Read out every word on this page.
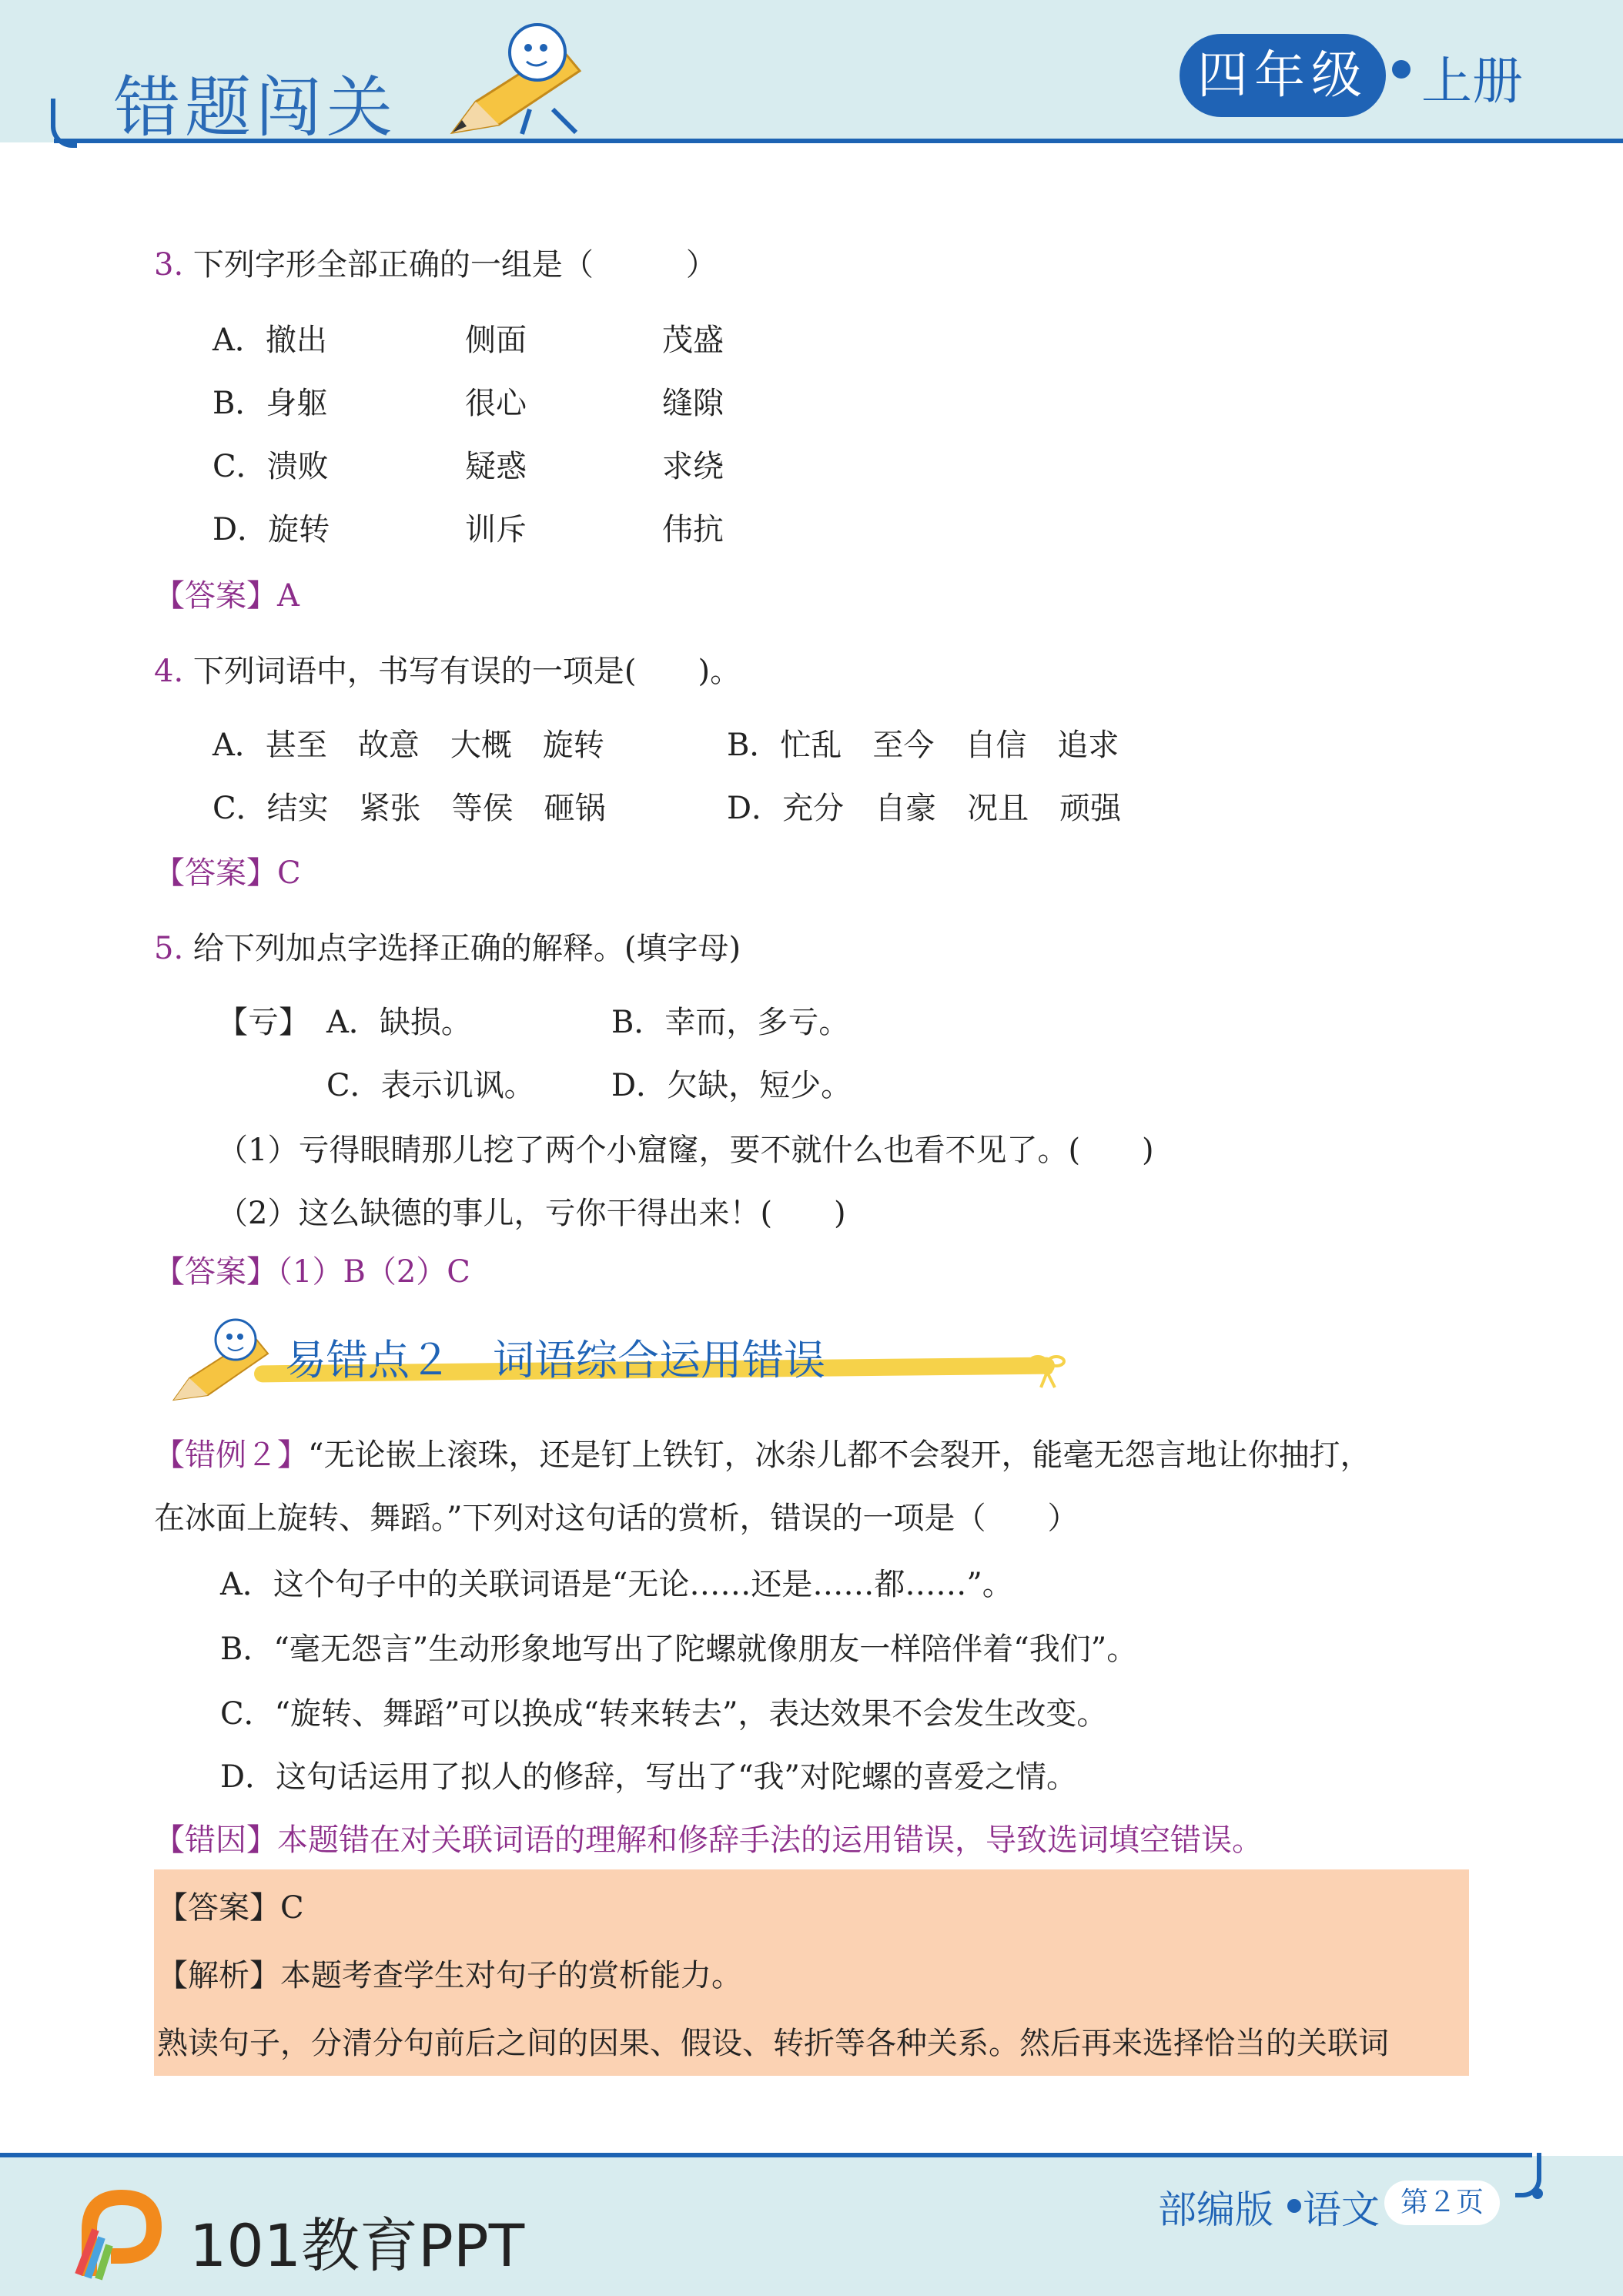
错题闯关	四年级	上册
3. 下列字形全部正确的一组是（　　　）
A．撤出	侧面	茂盛
B．身躯	很心	缝隙
C．溃败	疑惑	求绕
D．旋转	训斥	伟抗
【答案】A
4. 下列词语中，书写有误的一项是(　　)。
A．甚至　故意　大概　旋转	B．忙乱　至今　自信　追求
C．结实　紧张　等侯　砸锅	D．充分　自豪　况且　顽强
【答案】C
5. 给下列加点字选择正确的解释。(填字母)
【亏】 A．缺损。	B．幸而，多亏。
C．表示讥讽。 D．欠缺，短少。
（1）亏得眼睛那儿挖了两个小窟窿，要不就什么也看不见了。(　　)
（2）这么缺德的事儿，亏你干得出来！(　　)
【答案】（1）B（2）C
易错点２　词语综合运用错误
【错例２】“无论嵌上滚珠，还是钉上铁钉，冰尜儿都不会裂开，能毫无怨言地让你抽打，
在冰面上旋转、舞蹈。”下列对这句话的赏析，错误的一项是（　　）
A．这个句子中的关联词语是“无论……还是……都……”。
B．“毫无怨言”生动形象地写出了陀螺就像朋友一样陪伴着“我们”。
C．“旋转、舞蹈”可以换成“转来转去”，表达效果不会发生改变。
D．这句话运用了拟人的修辞，写出了“我”对陀螺的喜爱之情。
【错因】本题错在对关联词语的理解和修辞手法的运用错误，导致选词填空错误。
【答案】C
【解析】本题考查学生对句子的赏析能力。
熟读句子，分清分句前后之间的因果、假设、转折等各种关系。然后再来选择恰当的关联词
101教育PPT
部编版 语文 第２页
